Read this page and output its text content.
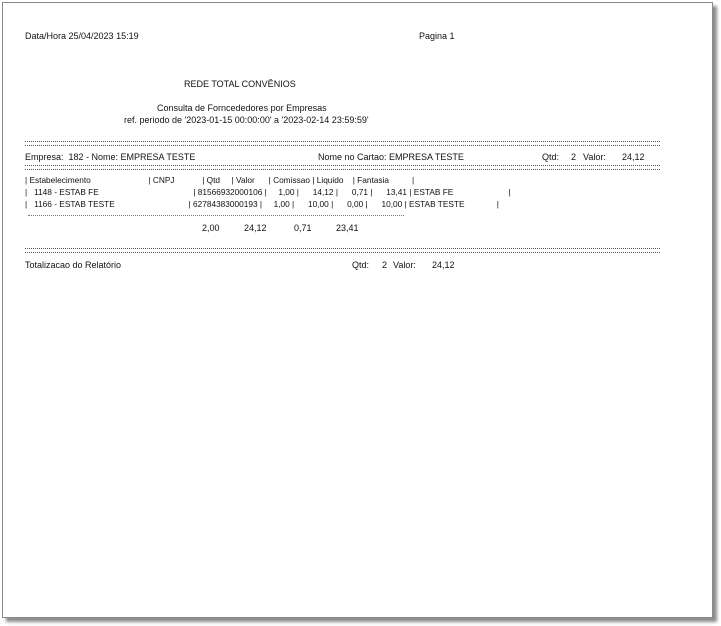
Data/Hora 25/04/2023 15:19	Pagina 1
REDE TOTAL CONVÊNIOS
Consulta de Forncededores por Empresas
ref. periodo de '2023-01-15 00:00:00' a '2023-02-14 23:59:59'
Empresa:  182 - Nome: EMPRESA TESTE	Nome no Cartao: EMPRESA TESTE	Qtd: 2 Valor: 24,12
| Estabelecimento                         | CNPJ            | Qtd     | Valor      | Comissao | Liquido    | Fantasia          |
|   1148 - ESTAB FE                                         | 81566932000106 |     1,00 |      14,12 |      0,71 |      13,41 | ESTAB FE                        |
|   1166 - ESTAB TESTE                                | 62784383000193 |     1,00 |      10,00 |      0,00 |      10,00 | ESTAB TESTE              |
2,00	24,12	0,71	23,41
Totalizacao do Relatório	Qtd: 2 Valor: 24,12
